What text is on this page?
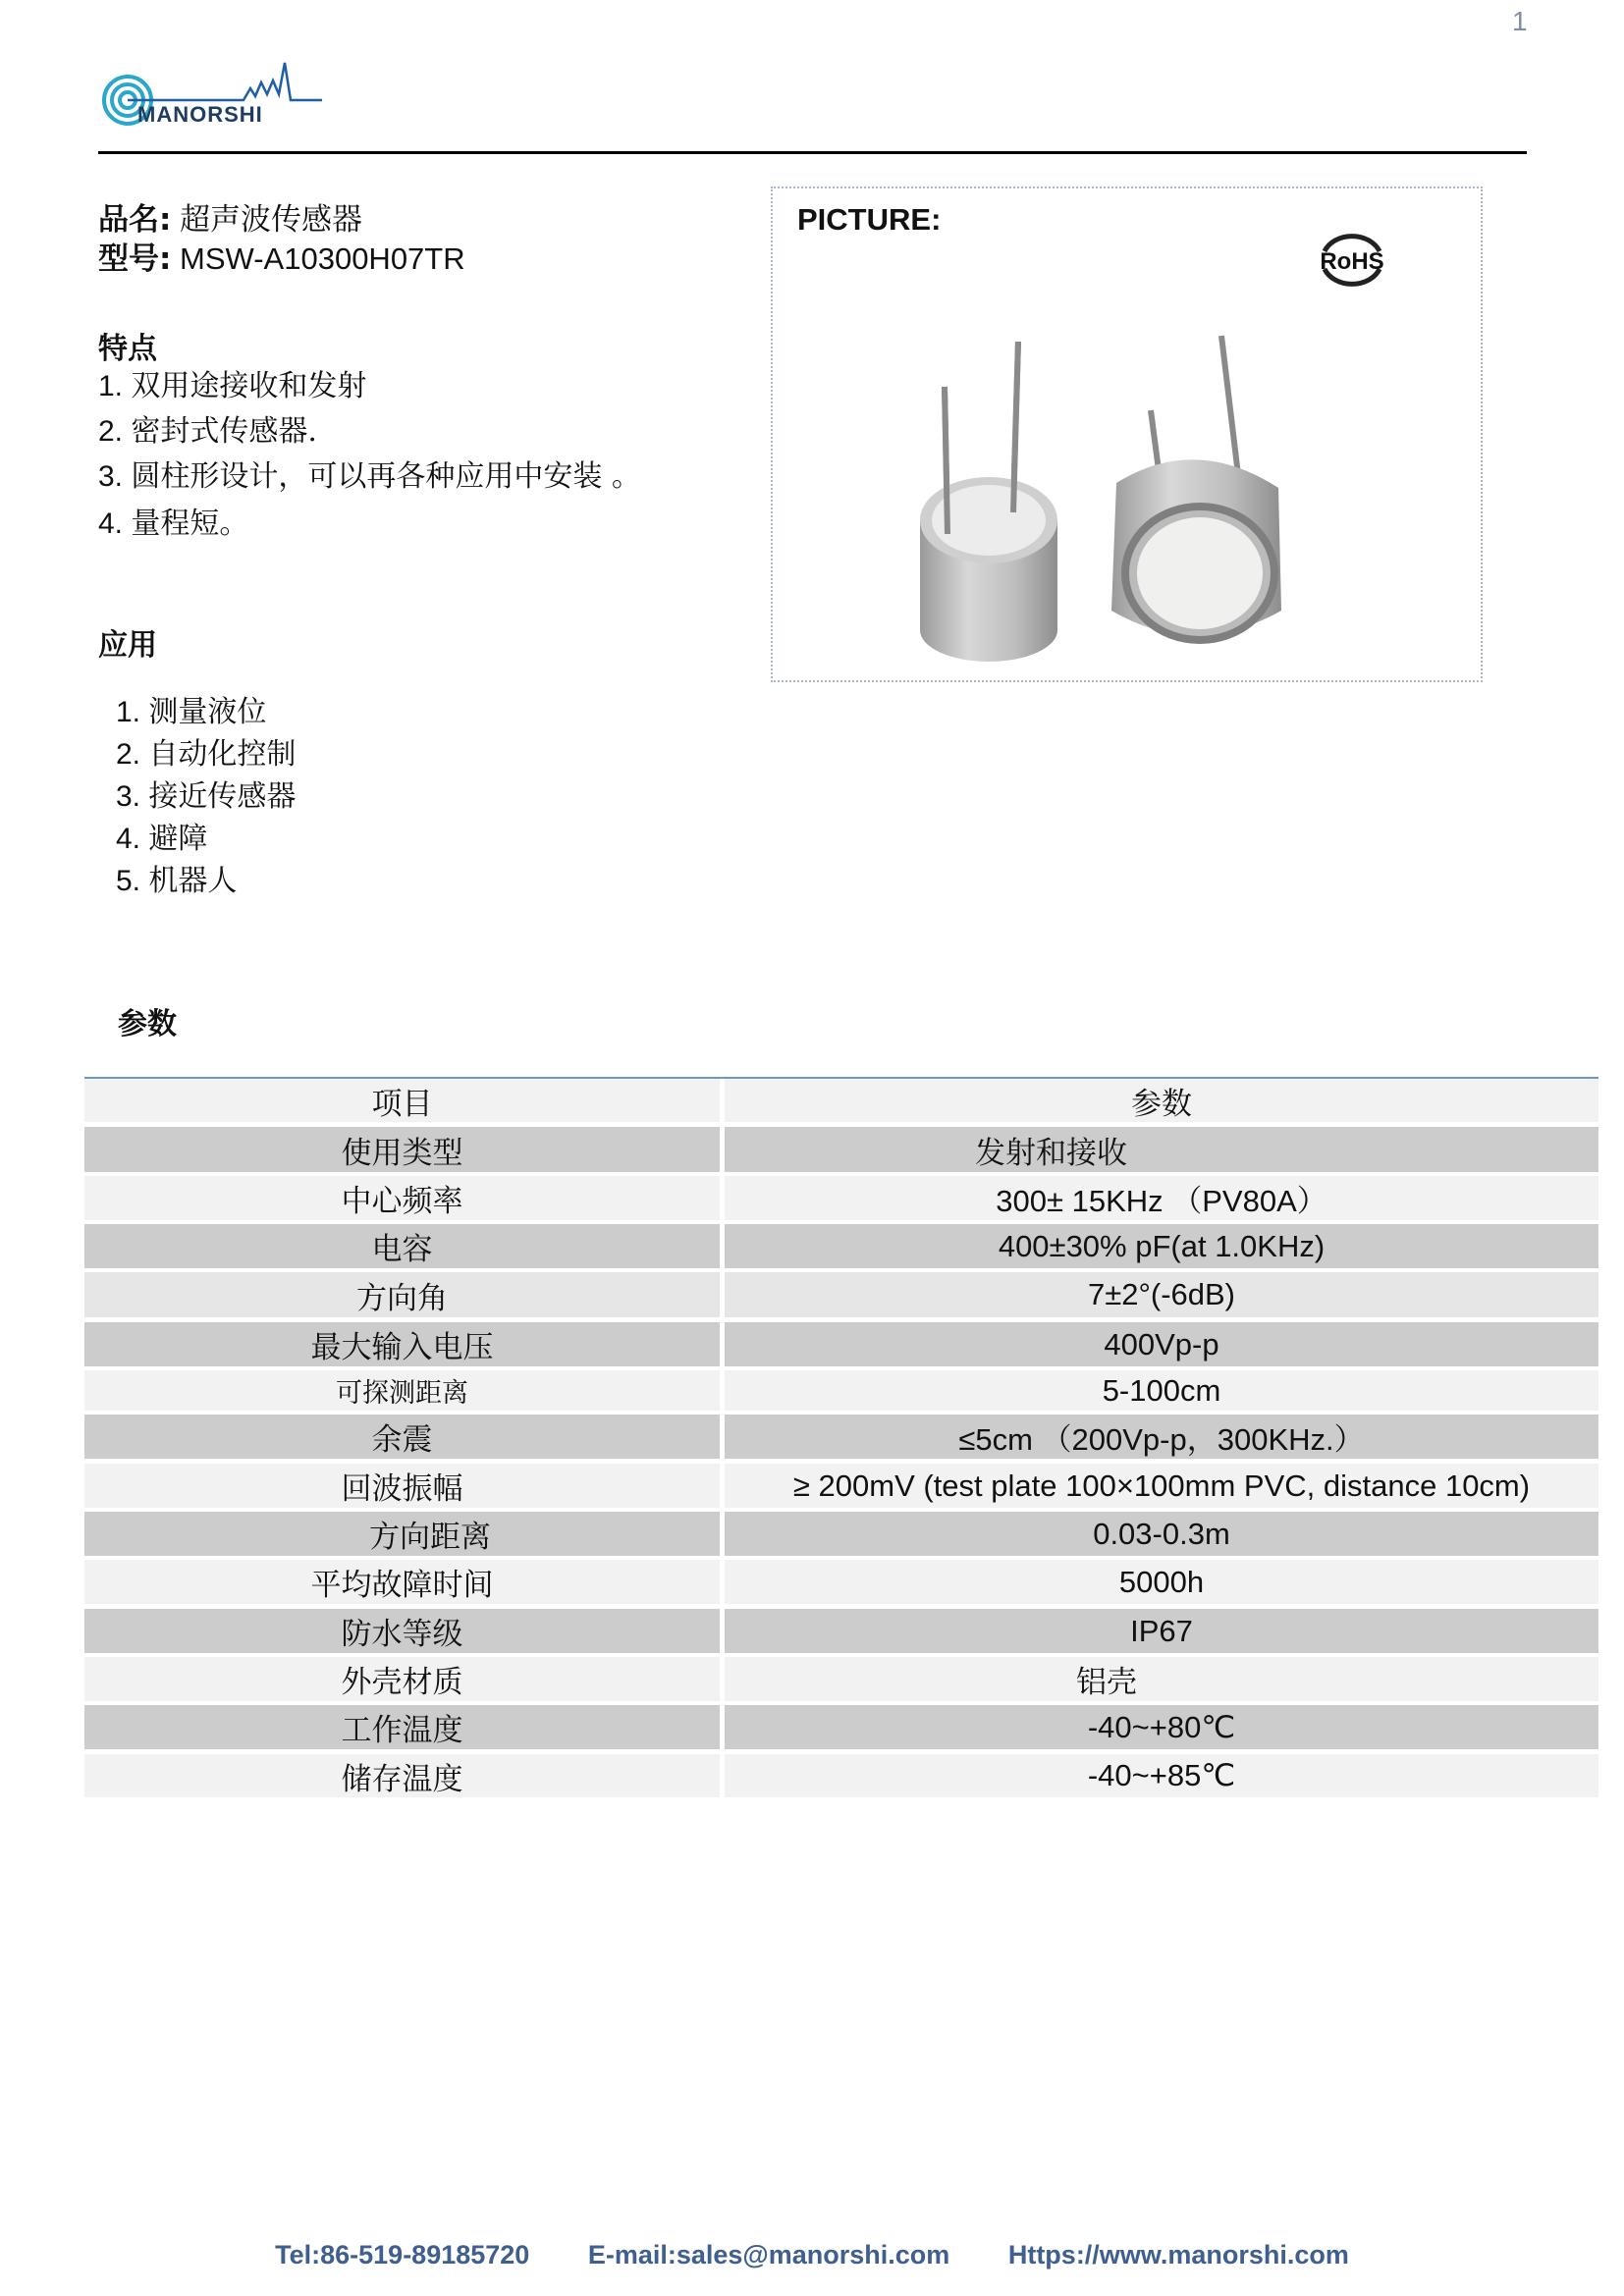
1
MANORSHI
品名: 超声波传感器
型号: MSW-A10300H07TR
特点
1. 双用途接收和发射
2. 密封式传感器.
3. 圆柱形设计，可以再各种应用中安装 。
4. 量程短。
应用
1. 测量液位
2. 自动化控制
3. 接近传感器
4. 避障
5. 机器人
PICTURE:
RoHS
参数
项目	参数
使用类型	发射和接收
中心频率	300± 15KHz （PV80A）
电容	400±30% pF(at 1.0KHz)
方向角	7±2°(-6dB)
最大输入电压	400Vp-p
可探测距离	5-100cm
余震	≤5cm （200Vp-p，300KHz.）
回波振幅	≥ 200mV (test plate 100×100mm PVC, distance 10cm)
方向距离	0.03-0.3m
平均故障时间	5000h
防水等级	IP67
外壳材质	铝壳
工作温度	-40~+80℃
储存温度	-40~+85℃
Tel:86-519-89185720 E-mail:sales@manorshi.com Https://www.manorshi.com
